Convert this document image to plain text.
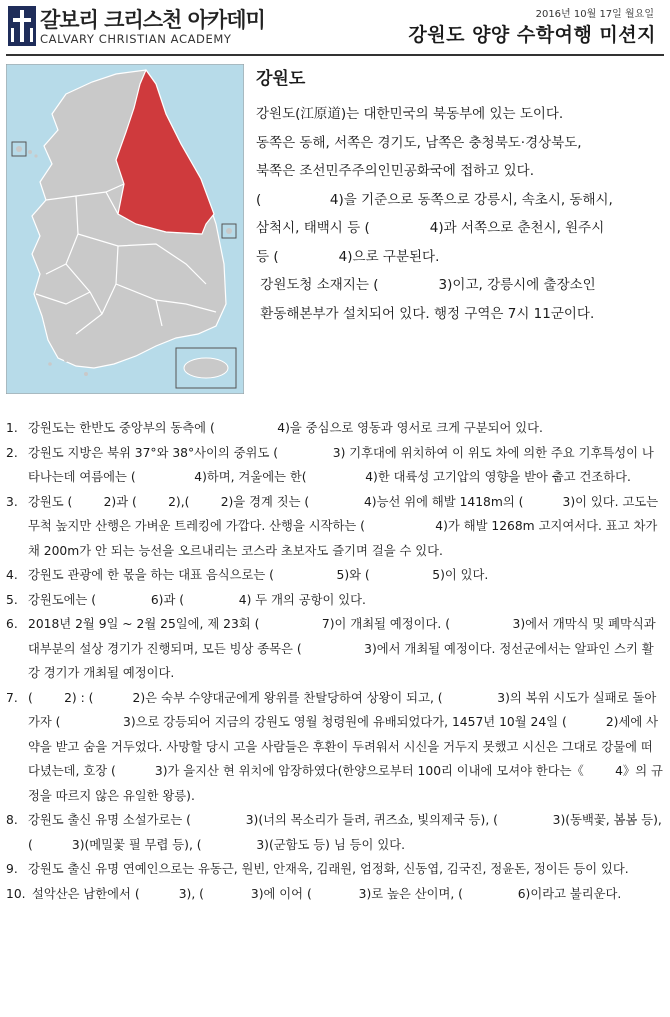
갈보리 크리스천 아카데미
CALVARY CHRISTIAN ACADEMY
2016년 10월 17일 월요일
강원도 양양 수학여행 미션지
강원도
강원도(江原道)는 대한민국의 북동부에 있는 도이다.
동쪽은 동해, 서쪽은 경기도, 남쪽은 충청북도·경상북도,
북쪽은 조선민주주의인민공화국에 접하고 있다.
(                4)을 기준으로 동쪽으로 강릉시, 속초시, 동해시,
삼척시, 태백시 등 (              4)과 서쪽으로 춘천시, 원주시
등 (              4)으로 구분된다.
강원도청 소재지는 (              3)이고, 강릉시에 출장소인
환동해본부가 설치되어 있다. 행정 구역은 7시 11군이다.
1. 강원도는 한반도 중앙부의 동측에 (                4)을 중심으로 영동과 영서로 크게 구분되어 있다.
2. 강원도 지방은 북위 37°와 38°사이의 중위도 (              3) 기후대에 위치하여 이 위도 차에 의한 주요 기후특성이 나타나는데 여름에는 (               4)하며, 겨울에는 한(               4)한 대륙성 고기압의 영향을 받아 춥고 건조하다.
3. 강원도 (        2)과 (        2),(        2)을 경계 짓는 (              4)능선 위에 해발 1418m의 (          3)이 있다. 고도는 무척 높지만 산행은 가벼운 트레킹에 가깝다. 산행을 시작하는 (                  4)가 해발 1268m 고지여서다. 표고 차가 채 200m가 안 되는 능선을 오르내리는 코스라 초보자도 즐기며 걸을 수 있다.
4. 강원도 관광에 한 몫을 하는 대표 음식으로는 (                5)와 (                5)이 있다.
5. 강원도에는 (              6)과 (              4) 두 개의 공항이 있다.
6. 2018년 2월 9일 ~ 2월 25일에, 제 23회 (                7)이 개최될 예정이다. (                3)에서 개막식 및 폐막식과 대부분의 설상 경기가 진행되며, 모든 빙상 종목은 (                3)에서 개최될 예정이다. 정선군에서는 알파인 스키 활강 경기가 개최될 예정이다.
7. (        2) : (          2)은 숙부 수양대군에게 왕위를 찬탈당하여 상왕이 되고, (              3)의 복위 시도가 실패로 돌아가자 (                3)으로 강등되어 지금의 강원도 영월 청령원에 유배되었다가, 1457년 10월 24일 (          2)세에 사약을 받고 숨을 거두었다. 사망할 당시 고을 사람들은 후환이 두려워서 시신을 거두지 못했고 시신은 그대로 강물에 떠다녔는데, 호장 (          3)가 을지산 현 위치에 암장하였다(한양으로부터 100리 이내에 모셔야 한다는《        4》의 규정을 따르지 않은 유일한 왕릉).
8. 강원도 출신 유명 소설가로는 (              3)(너의 목소리가 들려, 퀴즈쇼, 빛의제국 등), (              3)(동백꽃, 봄봄 등), (          3)(메밀꽃 필 무렵 등), (              3)(군함도 등) 님 등이 있다.
9. 강원도 출신 유명 연예인으로는 유동근, 원빈, 안재욱, 김래원, 엄정화, 신동엽, 김국진, 정윤돈, 정이든 등이 있다.
10. 설악산은 남한에서 (          3), (            3)에 이어 (            3)로 높은 산이며, (              6)이라고 불리운다.
